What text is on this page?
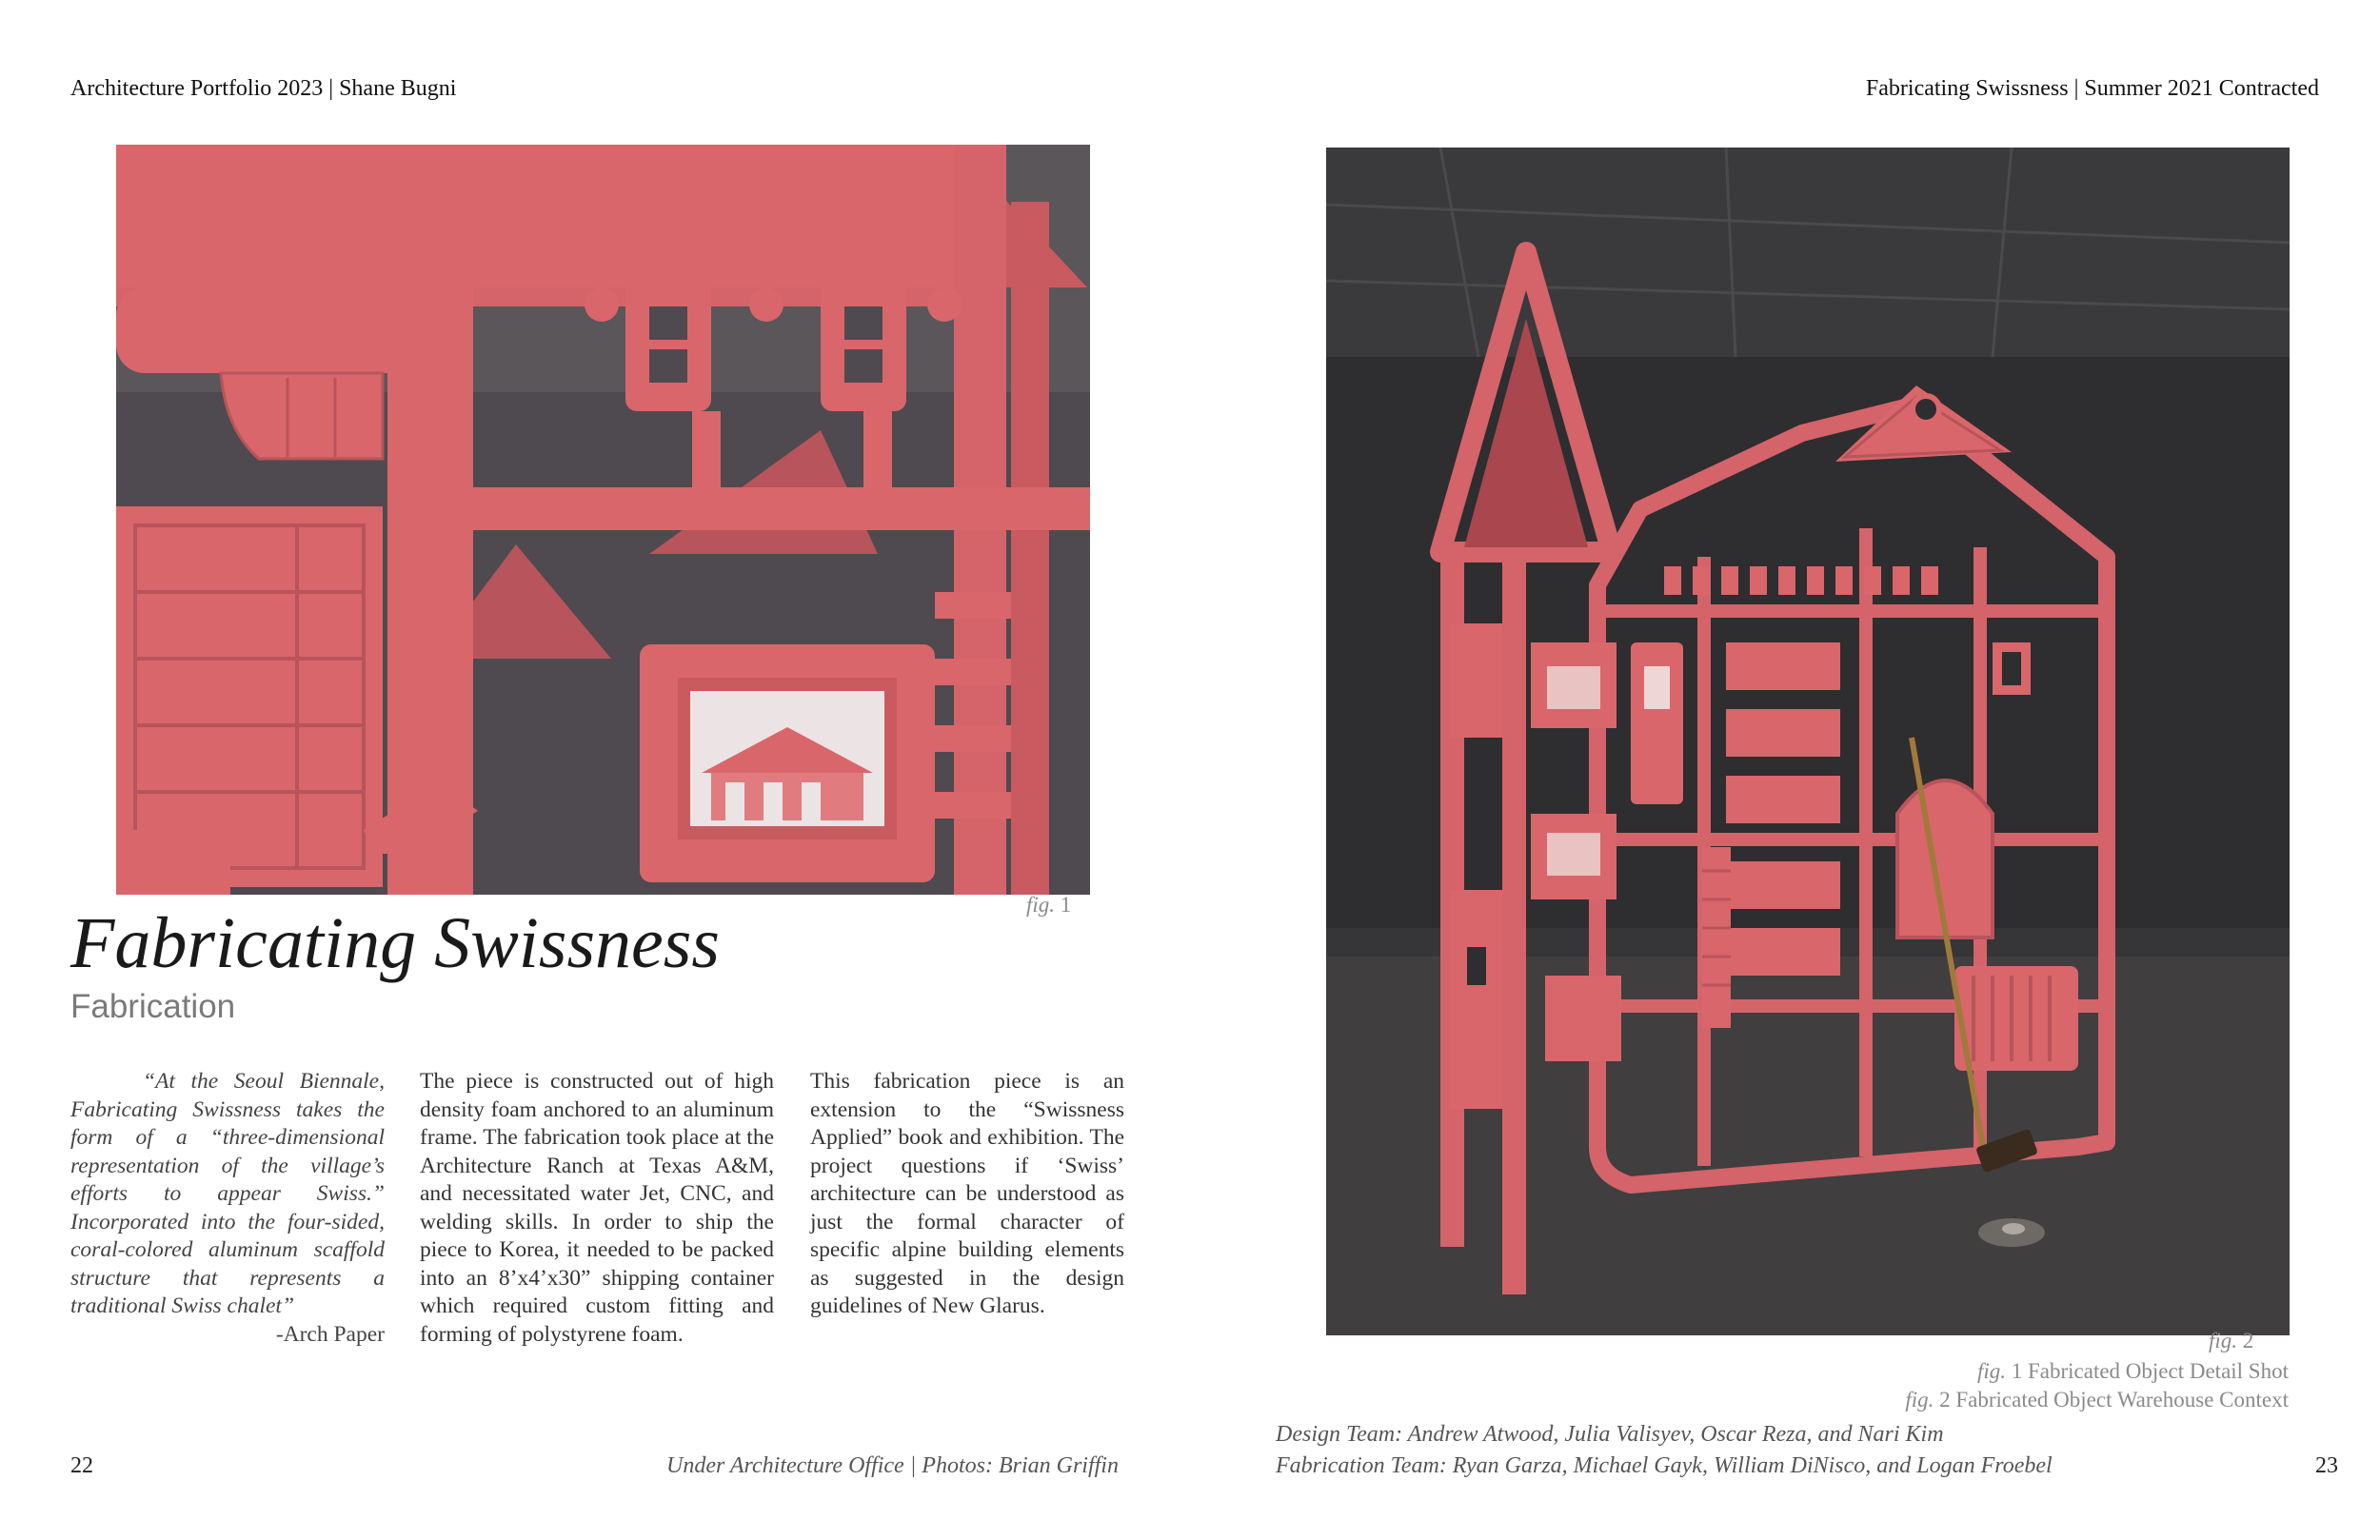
Architecture Portfolio 2023 | Shane Bugni	Fabricating Swissness | Summer 2021 Contracted
fig. 1
fig. 2
Fabricating Swissness
Fabrication
“At the Seoul Biennale, Fabricating Swissness takes the form of a “three-dimensional representation of the village’s efforts to appear Swiss.” Incorporated into the four-sided, coral-colored aluminum scaffold structure that represents a traditional Swiss chalet”
-Arch Paper
The piece is constructed out of high density foam anchored to an aluminum frame. The fabrication took place at the Architecture Ranch at Texas A&M, and necessitated water Jet, CNC, and welding skills. In order to ship the piece to Korea, it needed to be packed into an 8’x4’x30” shipping container which required custom fitting and forming of polystyrene foam.
This fabrication piece is an extension to the “Swissness Applied” book and exhibition. The project questions if ‘Swiss’ architecture can be understood as just the formal character of specific alpine building elements as suggested in the design guidelines of New Glarus.
fig. 1 Fabricated Object Detail Shot
fig. 2 Fabricated Object Warehouse Context
Design Team: Andrew Atwood, Julia Valisyev, Oscar Reza, and Nari Kim
Fabrication Team: Ryan Garza, Michael Gayk, William DiNisco, and Logan Froebel
22	Under Architecture Office | Photos: Brian Griffin	23
